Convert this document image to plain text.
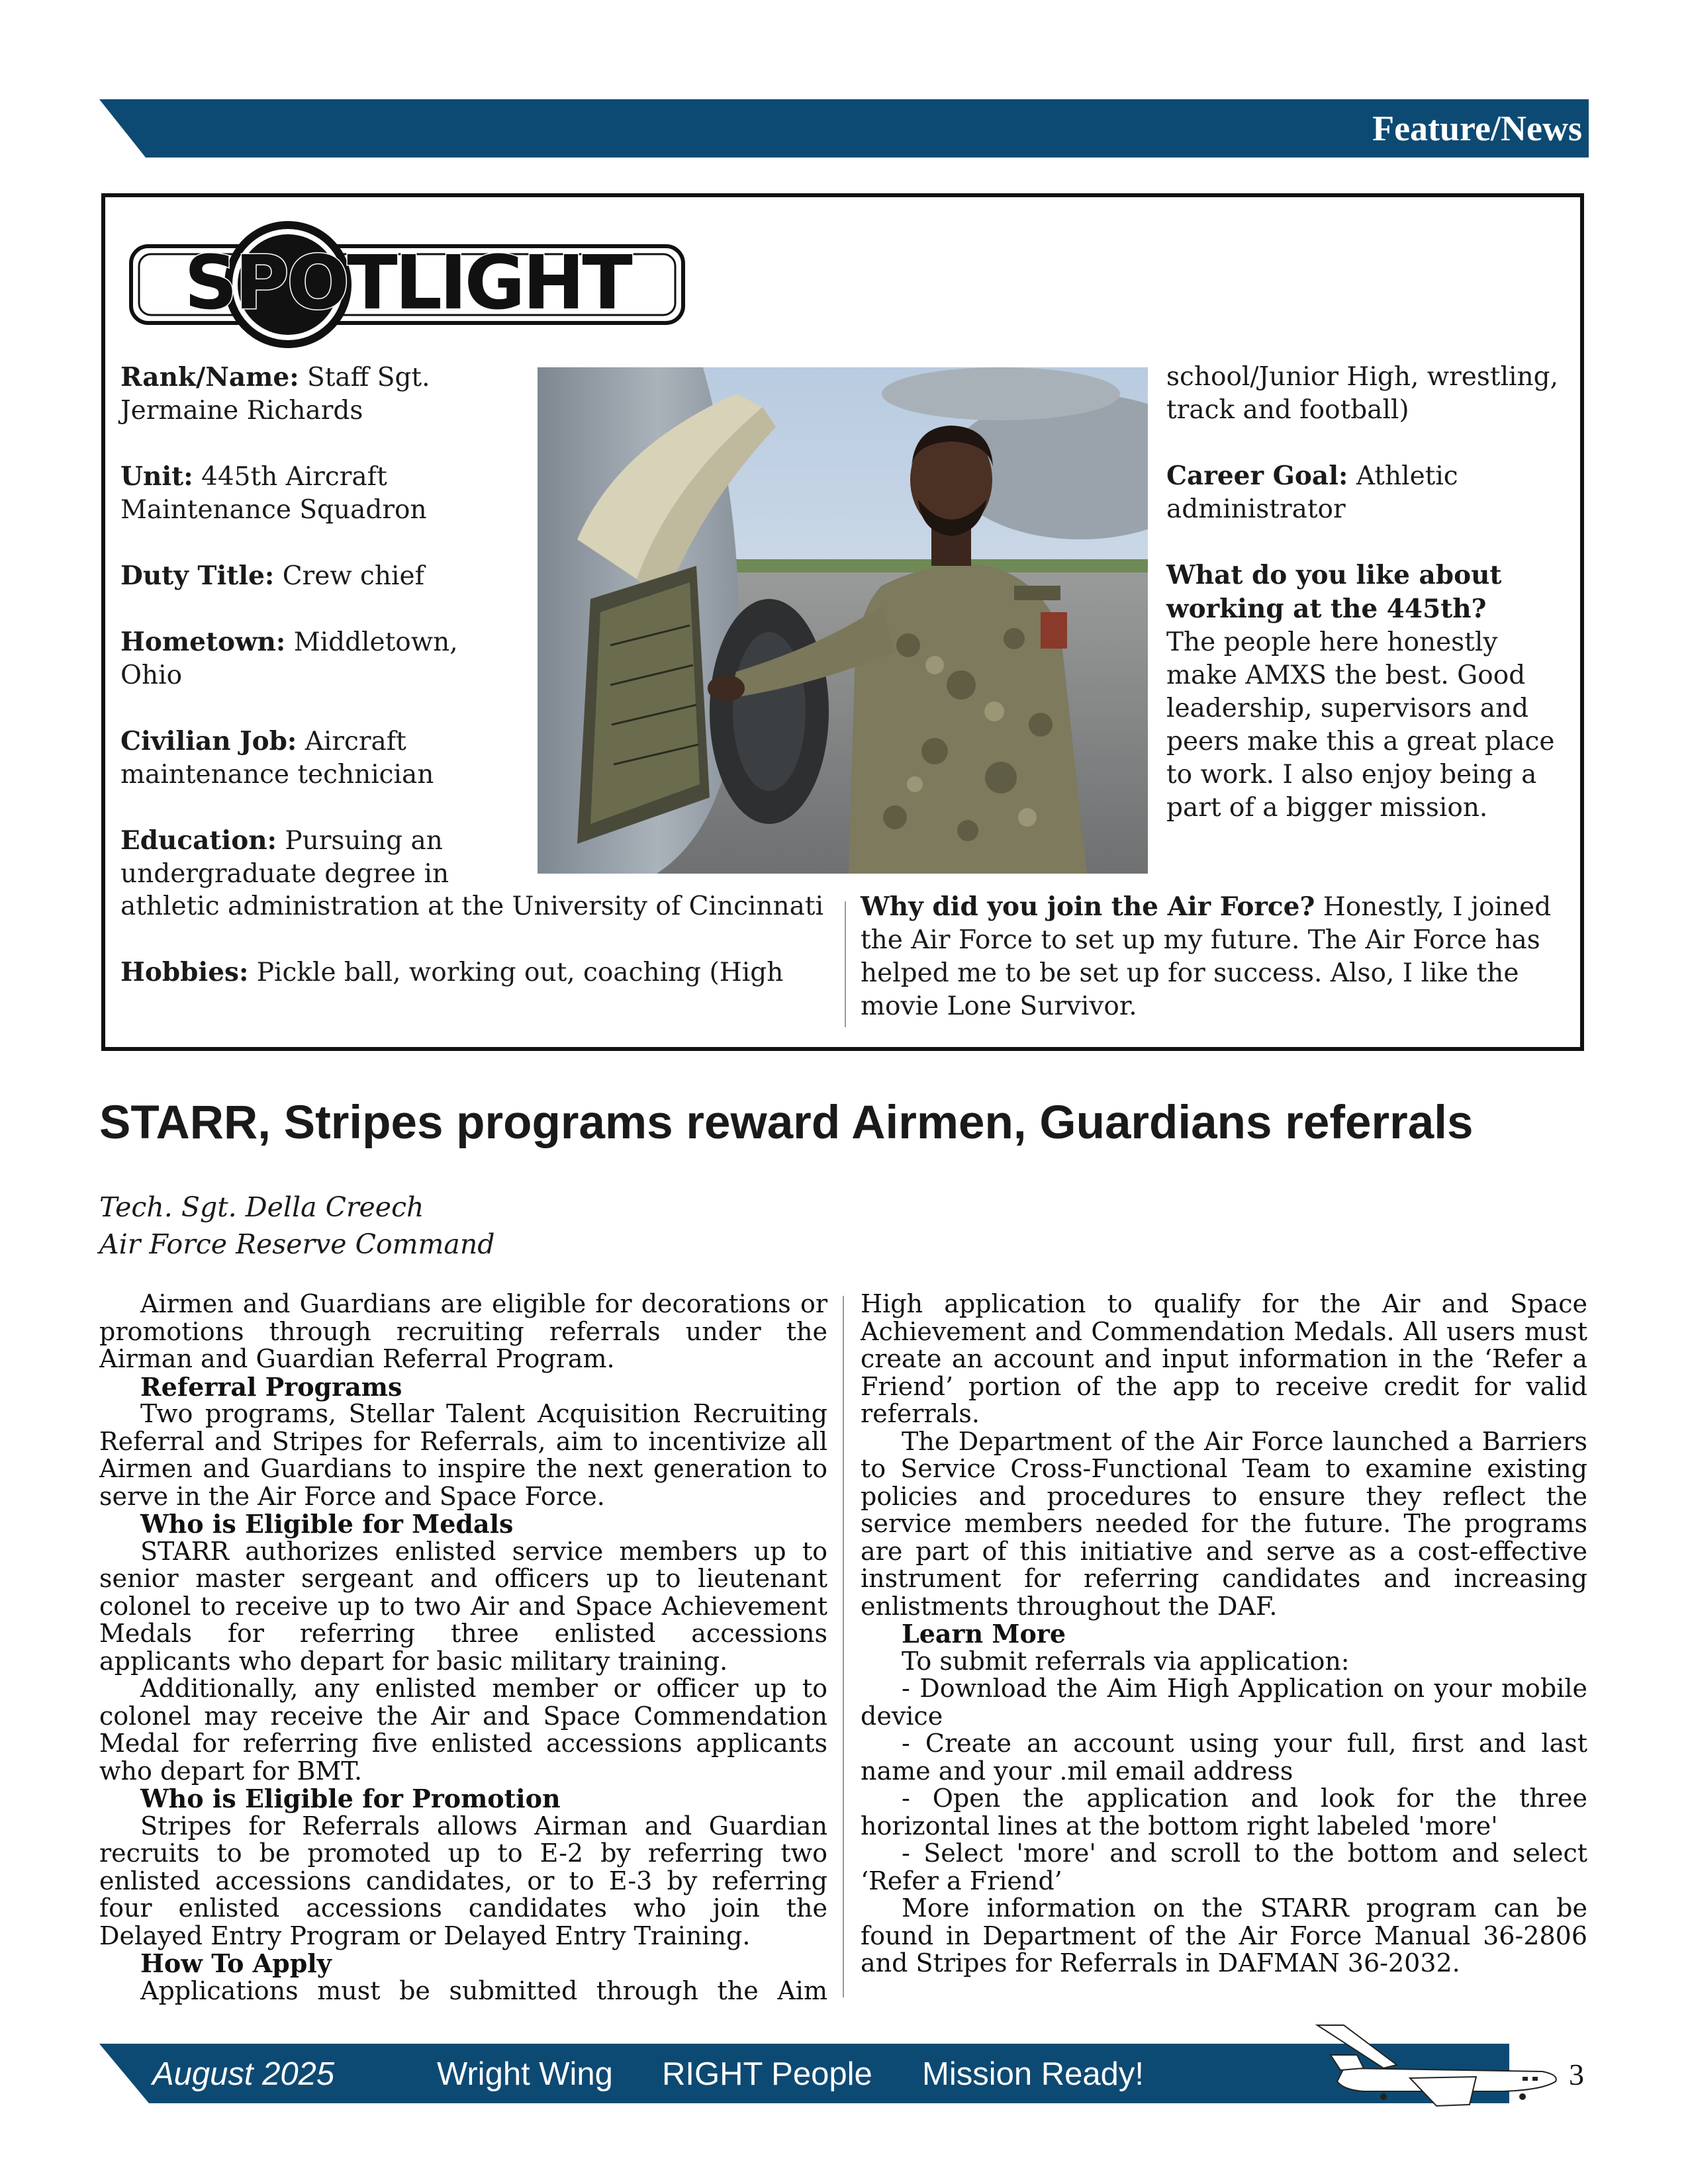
Feature/News
SPOTLIGHT

Rank/Name: Staff Sgt. Jermaine Richards

Unit: 445th Aircraft Maintenance Squadron

Duty Title: Crew chief

Hometown: Middletown, Ohio

Civilian Job: Aircraft maintenance technician

Education: Pursuing an undergraduate degree in

school/Junior High, wrestling, track and football)

Career Goal: Athletic administrator

What do you like about working at the 445th?
The people here honestly make AMXS the best. Good leadership, supervisors and peers make this a great place to work. I also enjoy being a part of a bigger mission.

athletic administration at the University of Cincinnati

Hobbies: Pickle ball, working out, coaching (High

Why did you join the Air Force? Honestly, I joined the Air Force to set up my future. The Air Force has helped me to be set up for success. Also, I like the movie Lone Survivor.

STARR, Stripes programs reward Airmen, Guardians referrals
Tech. Sgt. Della Creech
Air Force Reserve Command

Airmen and Guardians are eligible for decorations or promotions through recruiting referrals under the Airman and Guardian Referral Program.

Referral Programs

Two programs, Stellar Talent Acquisition Recruiting Referral and Stripes for Referrals, aim to incentivize all Airmen and Guardians to inspire the next generation to serve in the Air Force and Space Force.

Who is Eligible for Medals

STARR authorizes enlisted service members up to senior master sergeant and officers up to lieutenant colonel to receive up to two Air and Space Achievement Medals for referring three enlisted accessions applicants who depart for basic military training.

Additionally, any enlisted member or officer up to colonel may receive the Air and Space Commendation Medal for referring five enlisted accessions applicants who depart for BMT.

Who is Eligible for Promotion

Stripes for Referrals allows Airman and Guardian recruits to be promoted up to E-2 by referring two enlisted accessions candidates, or to E-3 by referring four enlisted accessions candidates who join the Delayed Entry Program or Delayed Entry Training.

How To Apply

Applications must be submitted through the Aim

High application to qualify for the Air and Space Achievement and Commendation Medals. All users must create an account and input information in the ‘Refer a Friend’ portion of the app to receive credit for valid referrals.

The Department of the Air Force launched a Barriers to Service Cross-Functional Team to examine existing policies and procedures to ensure they reflect the service members needed for the future. The programs are part of this initiative and serve as a cost-effective instrument for referring candidates and increasing enlistments throughout the DAF.

Learn More

To submit referrals via application:

- Download the Aim High Application on your mobile device

- Create an account using your full, first and last name and your .mil email address

- Open the application and look for the three horizontal lines at the bottom right labeled 'more'

- Select 'more' and scroll to the bottom and select ‘Refer a Friend’

More information on the STARR program can be found in Department of the Air Force Manual 36-2806 and Stripes for Referrals in DAFMAN 36-2032.

August 2025	Wright Wing RIGHT People Mission Ready!	3
